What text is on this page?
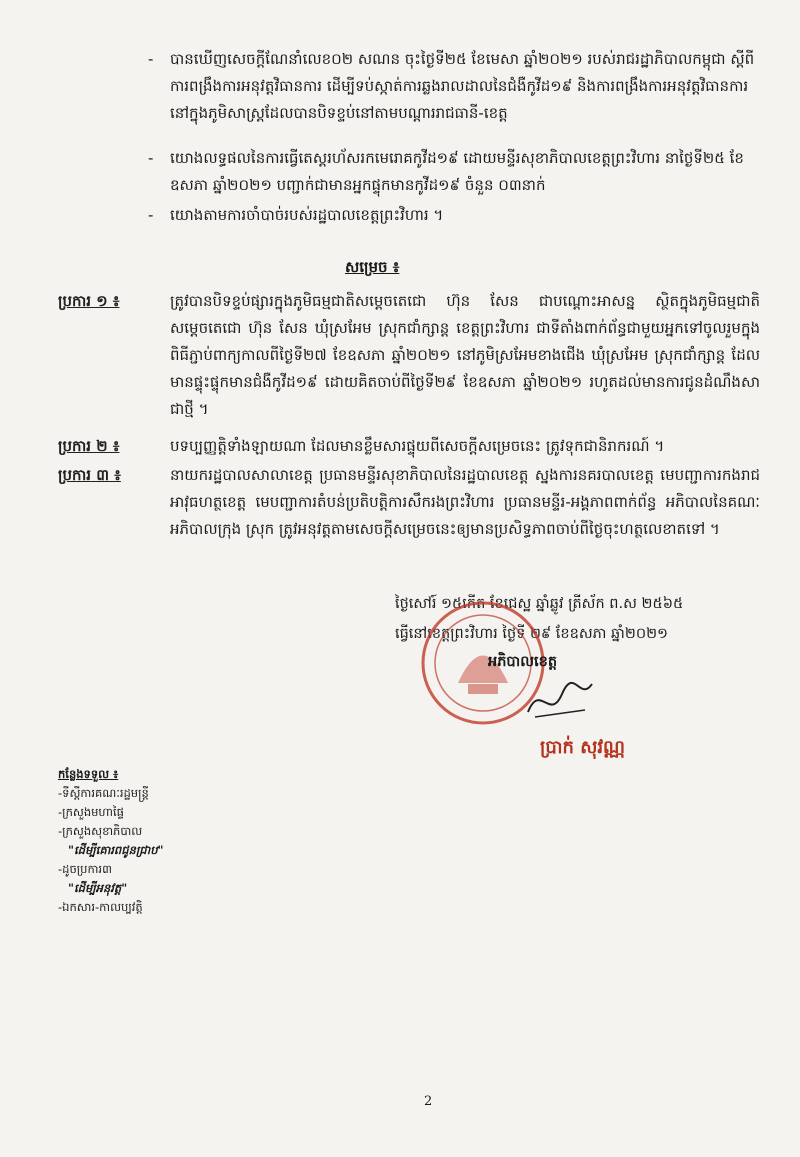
- បានឃើញសេចក្ដីណែនាំលេខ០២ សណន ចុះថ្ងៃទី២៥ ខែមេសា ឆ្នាំ២០២១ របស់រាជរដ្ឋាភិបាលកម្ពុជា ស្ដីពីការពង្រឹងការអនុវត្តវិធានការ ដើម្បីទប់ស្កាត់ការឆ្លងរាលដាលនៃជំងឺកូវីដ១៩ និងការពង្រឹងការអនុវត្តវិធានការនៅក្នុងភូមិសាស្ត្រដែលបានបិទខ្ទប់នៅតាមបណ្ដាររាជធានី-ខេត្ត
- យោងលទ្ធផលនៃការធ្វើតេស្តរហ័សរកមេរោគកូវីដ១៩ ដោយមន្ទីរសុខាភិបាលខេត្តព្រះវិហារ នាថ្ងៃទី២៥ ខែឧសភា ឆ្នាំ២០២១ បញ្ជាក់ជាមានអ្នកផ្ទុកមានកូវីដ១៩ ចំនួន ០៣នាក់
- យោងតាមការចាំបាច់របស់រដ្ឋបាលខេត្តព្រះវិហារ ។
សម្រេច ៖
ប្រការ ១ ៖	ត្រូវបានបិទខ្ទប់ផ្សារក្នុងភូមិធម្មជាតិសម្ដេចតេជោ ហ៊ុន សែន ជាបណ្ដោះអាសន្ន ស្ថិតក្នុងភូមិធម្មជាតិសម្ដេចតេជោ ហ៊ុន សែន ឃុំស្រអែម ស្រុកជាំក្សាន្ត ខេត្តព្រះវិហារ ជាទីតាំងពាក់ព័ន្ធជាមួយអ្នកទៅចូលរួមក្នុងពិធីភ្ជាប់ពាក្យកាលពីថ្ងៃទី២៧ ខែឧសភា ឆ្នាំ២០២១ នៅភូមិស្រអែមខាងជើង ឃុំស្រអែម ស្រុកជាំក្សាន្ត ដែលមានផ្ទុះផ្ទុកមានជំងឺកូវីដ១៩ ដោយគិតចាប់ពីថ្ងៃទី២៩ ខែឧសភា ឆ្នាំ២០២១ រហូតដល់មានការជូនដំណឹងសាជាថ្មី ។
ប្រការ ២ ៖	បទប្បញ្ញត្តិទាំងឡាយណា ដែលមានខ្លឹមសារផ្ទុយពីសេចក្ដីសម្រេចនេះ ត្រូវទុកជានិរាករណ៍ ។
ប្រការ ៣ ៖	នាយករដ្ឋបាលសាលាខេត្ត ប្រធានមន្ទីរសុខាភិបាលនៃរដ្ឋបាលខេត្ត ស្នងការនគរបាលខេត្ត មេបញ្ជាការកងរាជអាវុធហត្ថខេត្ត មេបញ្ជាការតំបន់ប្រតិបត្តិការសឹករងព្រះវិហារ ប្រធានមន្ទីរ-អង្គភាពពាក់ព័ន្ធ អភិបាលនៃគណៈអភិបាលក្រុង ស្រុក ត្រូវអនុវត្តតាមសេចក្ដីសម្រេចនេះឲ្យមានប្រសិទ្ធភាពចាប់ពីថ្ងៃចុះហត្ថលេខាតទៅ ។
ថ្ងៃសៅរ៍ ១៥កើត ខែជេស្ឋ ឆ្នាំឆ្លូវ ត្រីស័ក ព.ស ២៥៦៥
ធ្វើនៅខេត្តព្រះវិហារ ថ្ងៃទី ២៩ ខែឧសភា ឆ្នាំ២០២១
អភិបាលខេត្ត
ប្រាក់ សុវណ្ណ
កន្លែងទទួល ៖
-ទីស្ដីការគណៈរដ្ឋមន្ត្រី
-ក្រសួងមហាផ្ទៃ
-ក្រសួងសុខាភិបាល
"ដើម្បីគោរពជូនជ្រាប"
-ដូចប្រការ៣
"ដើម្បីអនុវត្ត"
-ឯកសារ-កាលប្បវត្តិ
2
